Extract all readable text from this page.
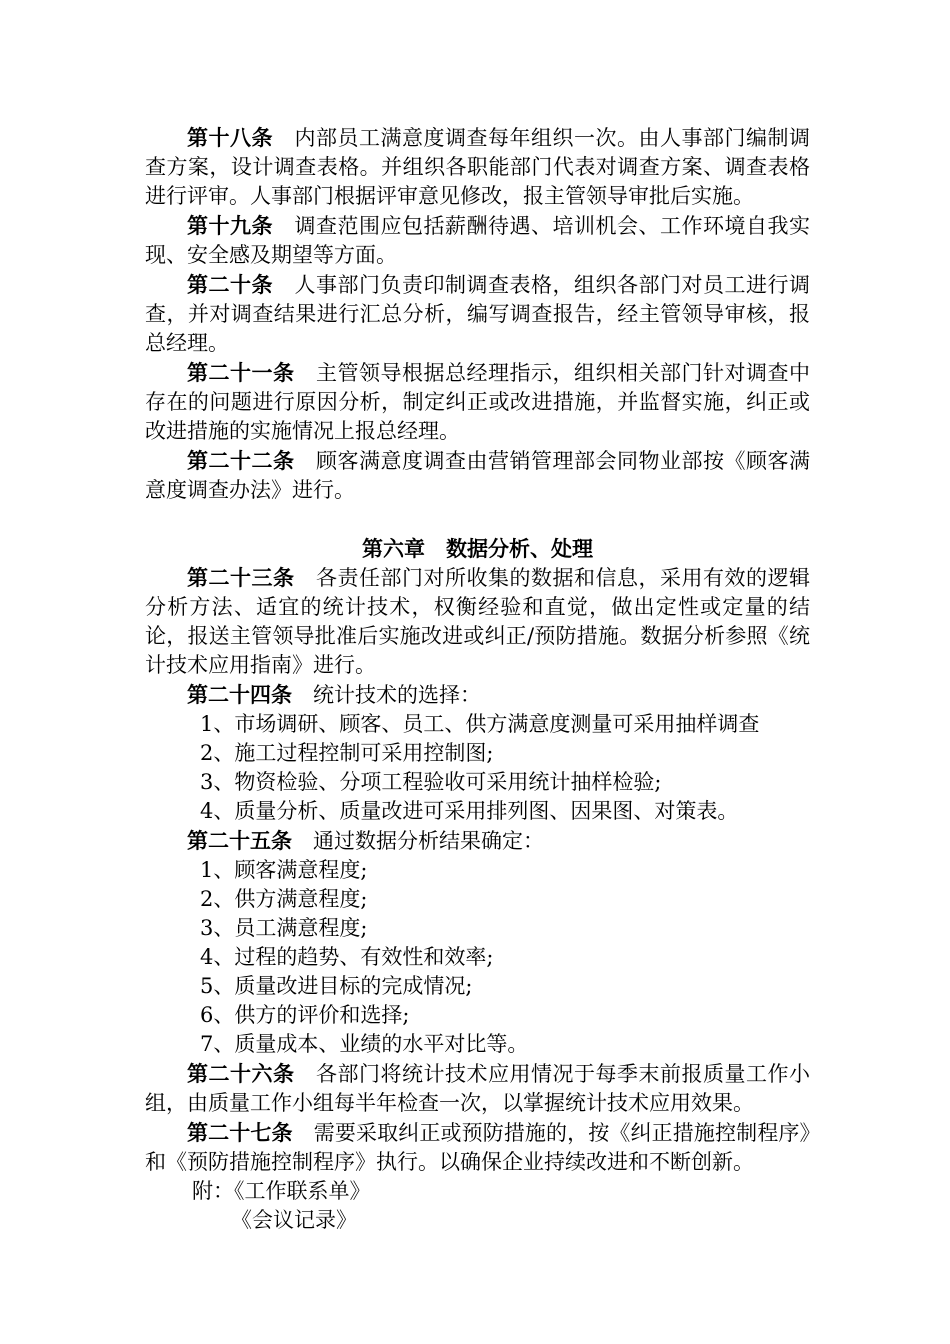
第十八条 内部员工满意度调查每年组织一次。由人事部门编制调查方案，设计调查表格。并组织各职能部门代表对调查方案、调查表格进行评审。人事部门根据评审意见修改，报主管领导审批后实施。

第十九条 调查范围应包括薪酬待遇、培训机会、工作环境自我实现、安全感及期望等方面。

第二十条 人事部门负责印制调查表格，组织各部门对员工进行调查，并对调查结果进行汇总分析，编写调查报告，经主管领导审核，报总经理。

第二十一条 主管领导根据总经理指示，组织相关部门针对调查中存在的问题进行原因分析，制定纠正或改进措施，并监督实施，纠正或改进措施的实施情况上报总经理。

第二十二条 顾客满意度调查由营销管理部会同物业部按《顾客满意度调查办法》进行。

第六章　数据分析、处理

第二十三条 各责任部门对所收集的数据和信息，采用有效的逻辑分析方法、适宜的统计技术，权衡经验和直觉，做出定性或定量的结论，报送主管领导批准后实施改进或纠正/预防措施。数据分析参照《统计技术应用指南》进行。

第二十四条 统计技术的选择：

1、市场调研、顾客、员工、供方满意度测量可采用抽样调查

2、施工过程控制可采用控制图;

3、物资检验、分项工程验收可采用统计抽样检验;

4、质量分析、质量改进可采用排列图、因果图、对策表。

第二十五条 通过数据分析结果确定：

1、顾客满意程度;

2、供方满意程度;

3、员工满意程度;

4、过程的趋势、有效性和效率;

5、质量改进目标的完成情况;

6、供方的评价和选择;

7、质量成本、业绩的水平对比等。

第二十六条 各部门将统计技术应用情况于每季末前报质量工作小组，由质量工作小组每半年检查一次，以掌握统计技术应用效果。

第二十七条 需要采取纠正或预防措施的，按《纠正措施控制程序》和《预防措施控制程序》执行。以确保企业持续改进和不断创新。

附：《工作联系单》

《会议记录》
